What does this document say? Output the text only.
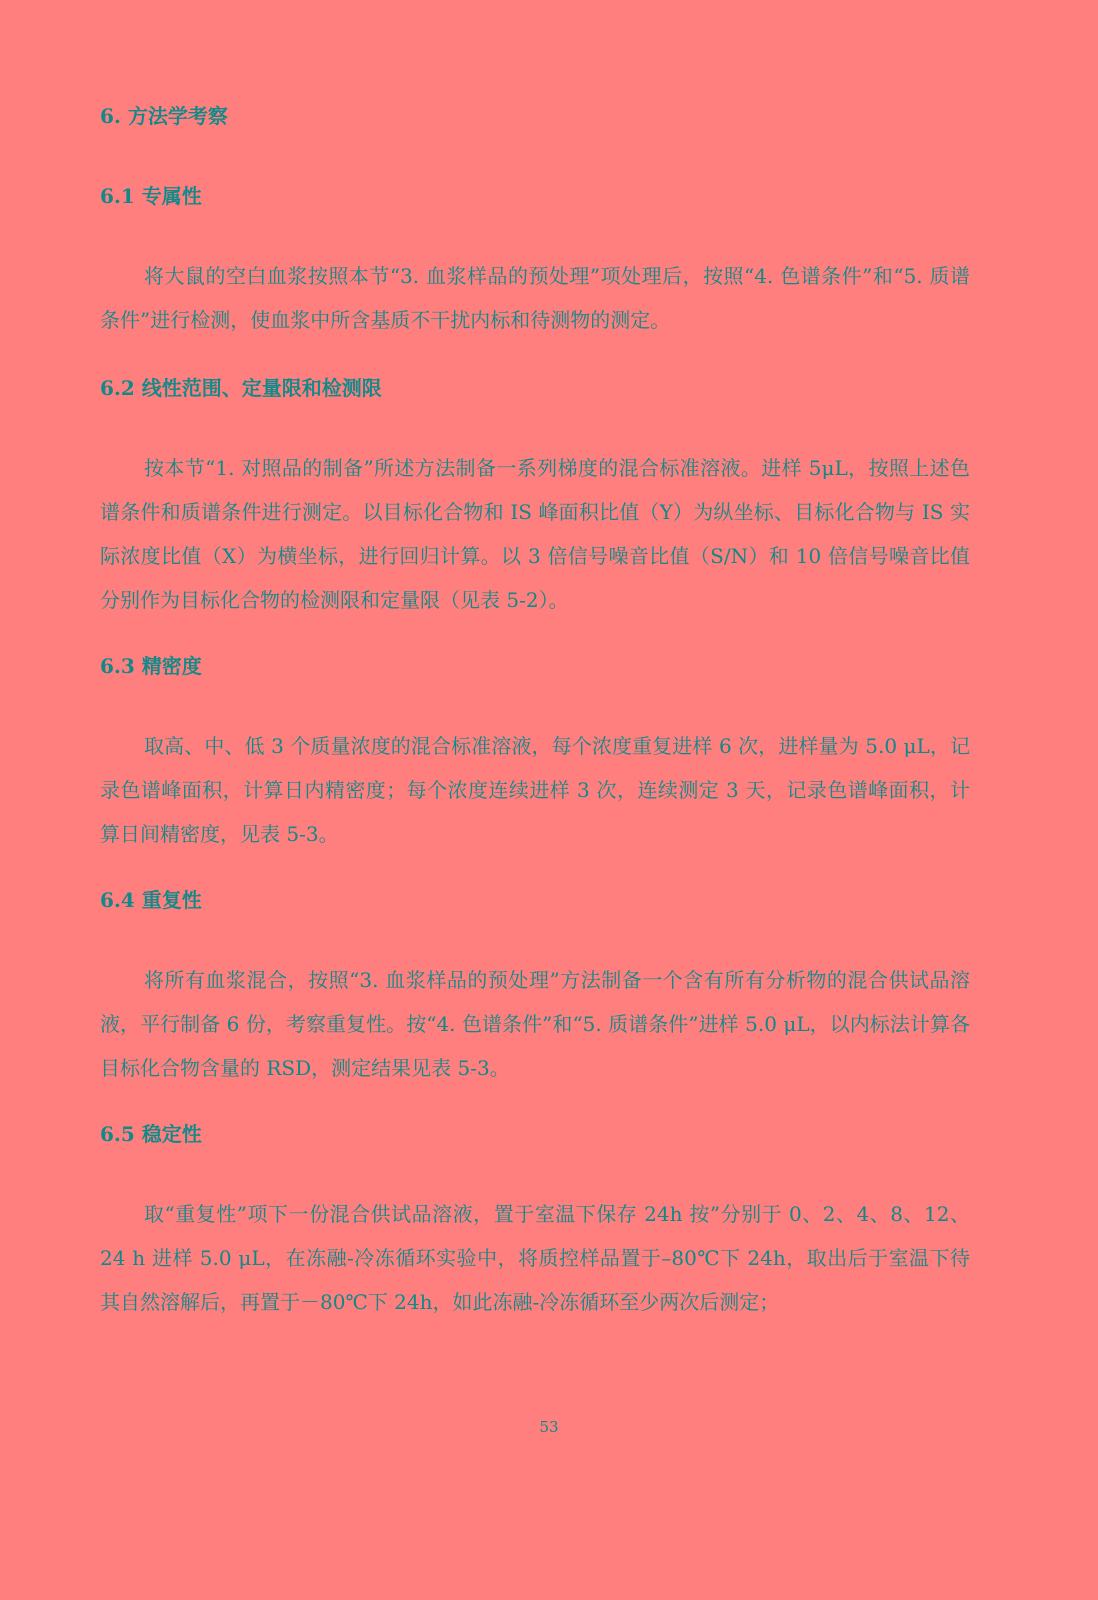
6. 方法学考察
6.1 专属性
将大鼠的空白血浆按照本节“3. 血浆样品的预处理”项处理后，按照“4. 色谱条件”和“5. 质谱条件”进行检测，使血浆中所含基质不干扰内标和待测物的测定。
6.2 线性范围、定量限和检测限
按本节“1. 对照品的制备”所述方法制备一系列梯度的混合标准溶液。进样 5μL，按照上述色谱条件和质谱条件进行测定。以目标化合物和 IS 峰面积比值（Y）为纵坐标、目标化合物与 IS 实际浓度比值（X）为横坐标，进行回归计算。以 3 倍信号噪音比值（S/N）和 10 倍信号噪音比值分别作为目标化合物的检测限和定量限（见表 5-2）。
6.3 精密度
取高、中、低 3 个质量浓度的混合标准溶液，每个浓度重复进样 6 次，进样量为 5.0 μL，记录色谱峰面积，计算日内精密度；每个浓度连续进样 3 次，连续测定 3 天，记录色谱峰面积，计算日间精密度，见表 5-3。
6.4 重复性
将所有血浆混合，按照“3. 血浆样品的预处理”方法制备一个含有所有分析物的混合供试品溶液，平行制备 6 份，考察重复性。按“4. 色谱条件”和“5. 质谱条件”进样 5.0 μL，以内标法计算各目标化合物含量的 RSD，测定结果见表 5-3。
6.5 稳定性
取“重复性”项下一份混合供试品溶液，置于室温下保存 24h 按”分别于 0、2、4、8、12、24 h 进样 5.0 μL，在冻融-冷冻循环实验中，将质控样品置于–80℃下 24h，取出后于室温下待其自然溶解后，再置于－80℃下 24h，如此冻融-冷冻循环至少两次后测定；
53
